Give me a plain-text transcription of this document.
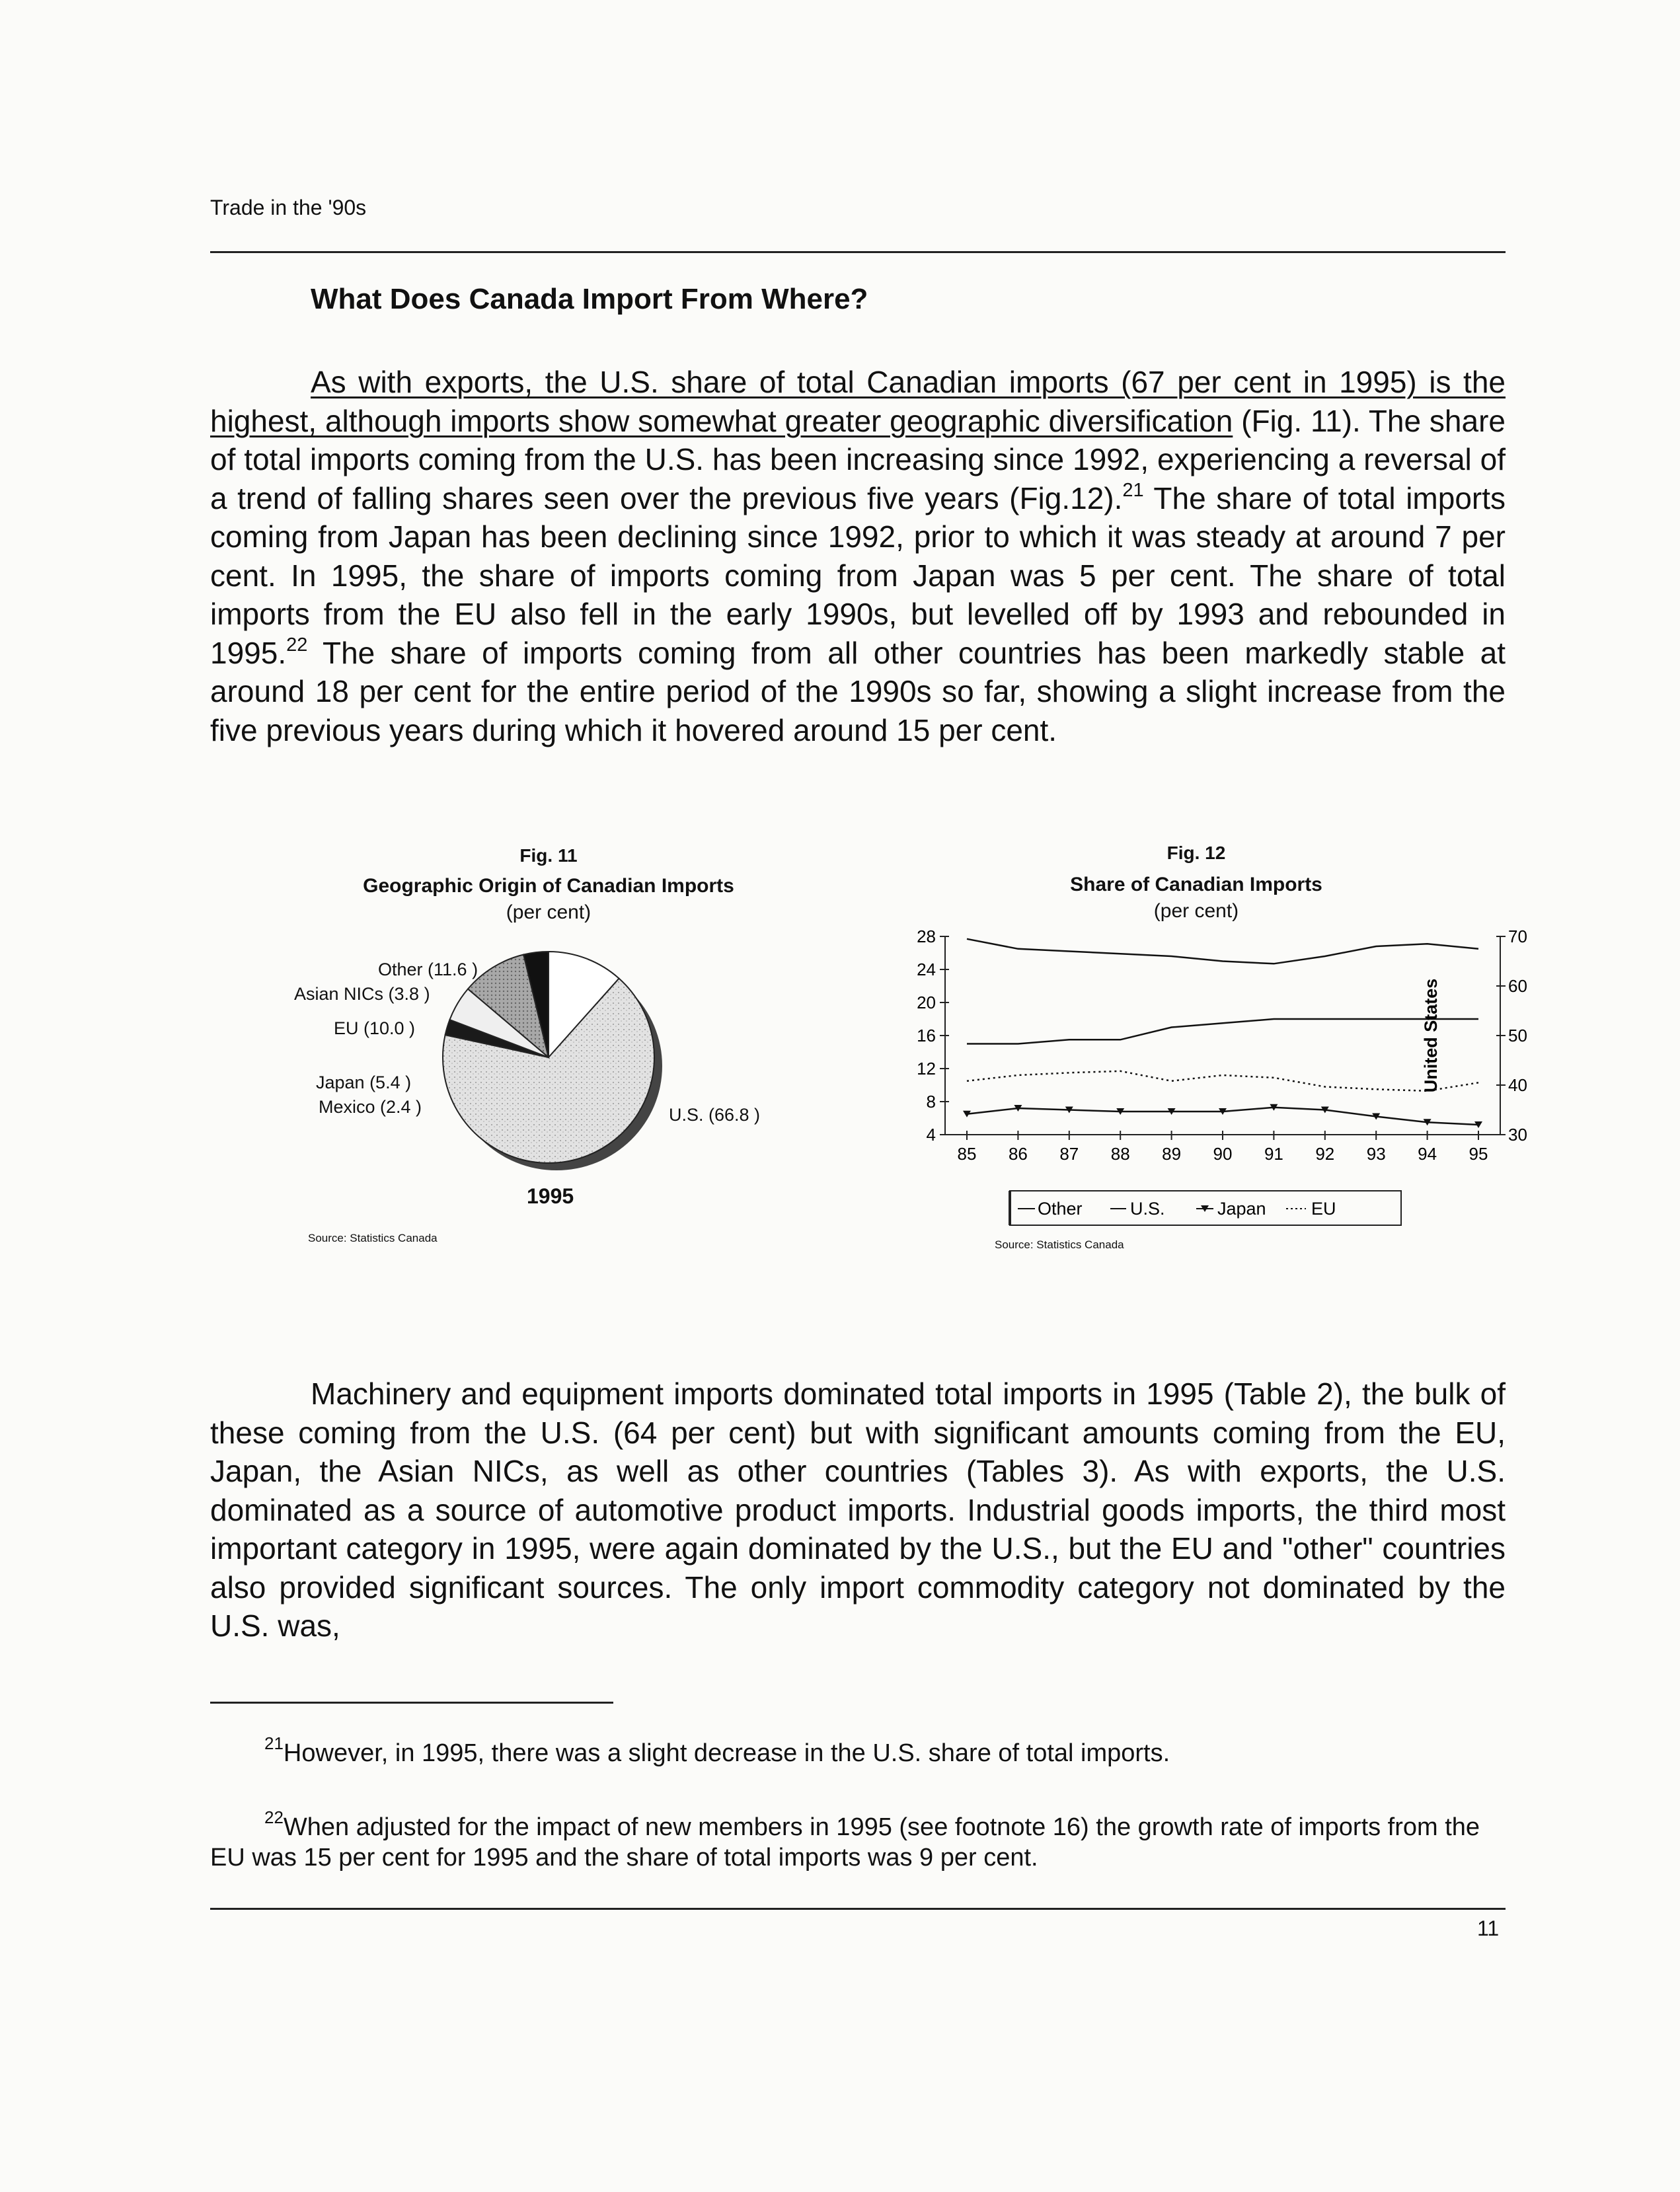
Trade in the '90s
What Does Canada Import From Where?

As with exports, the U.S. share of total Canadian imports (67 per cent in 1995) is the highest, although imports show somewhat greater geographic diversification (Fig. 11). The share of total imports coming from the U.S. has been increasing since 1992, experiencing a reversal of a trend of falling shares seen over the previous five years (Fig.12).$^{21}$ The share of total imports coming from Japan has been declining since 1992, prior to which it was steady at around 7 per cent. In 1995, the share of imports coming from Japan was 5 per cent. The share of total imports from the EU also fell in the early 1990s, but levelled off by 1993 and rebounded in 1995.22 The share of imports coming from all other countries has been markedly stable at around 18 per cent for the entire period of the 1990s so far, showing a slight increase from the five previous years during which it hovered around 15 per cent.

Fig. 11
Geographic Origin of Canadian Imports
(per cent)
Other (11.6 )
Asian NICs (3.8 )
EU (10.0 )
Japan (5.4 )
Mexico (2.4 )	U.S. (66.8 )
1995
Source: Statistics Canada
Fig. 12
Share of Canadian Imports
(per cent)
4
8
12
16
20
24
28
30
40
50
60
70
85 86 87 88 89 90 91 92 93 94 95
United States
Other	U.S.	Japan	EU
Source: Statistics Canada

Machinery and equipment imports dominated total imports in 1995 (Table 2), the bulk of these coming from the U.S. (64 per cent) but with significant amounts coming from the EU, Japan, the Asian NICs, as well as other countries (Tables 3). As with exports, the U.S. dominated as a source of automotive product imports. Industrial goods imports, the third most important category in 1995, were again dominated by the U.S., but the EU and "other" countries also provided significant sources. The only import commodity category not dominated by the U.S. was,

$^{21}$However, in 1995, there was a slight decrease in the U.S. share of total imports.
$^{22}$When adjusted for the impact of new members in 1995 (see footnote 16) the growth rate of imports from the EU was 15 per cent for 1995 and the share of total imports was 9 per cent.
11
